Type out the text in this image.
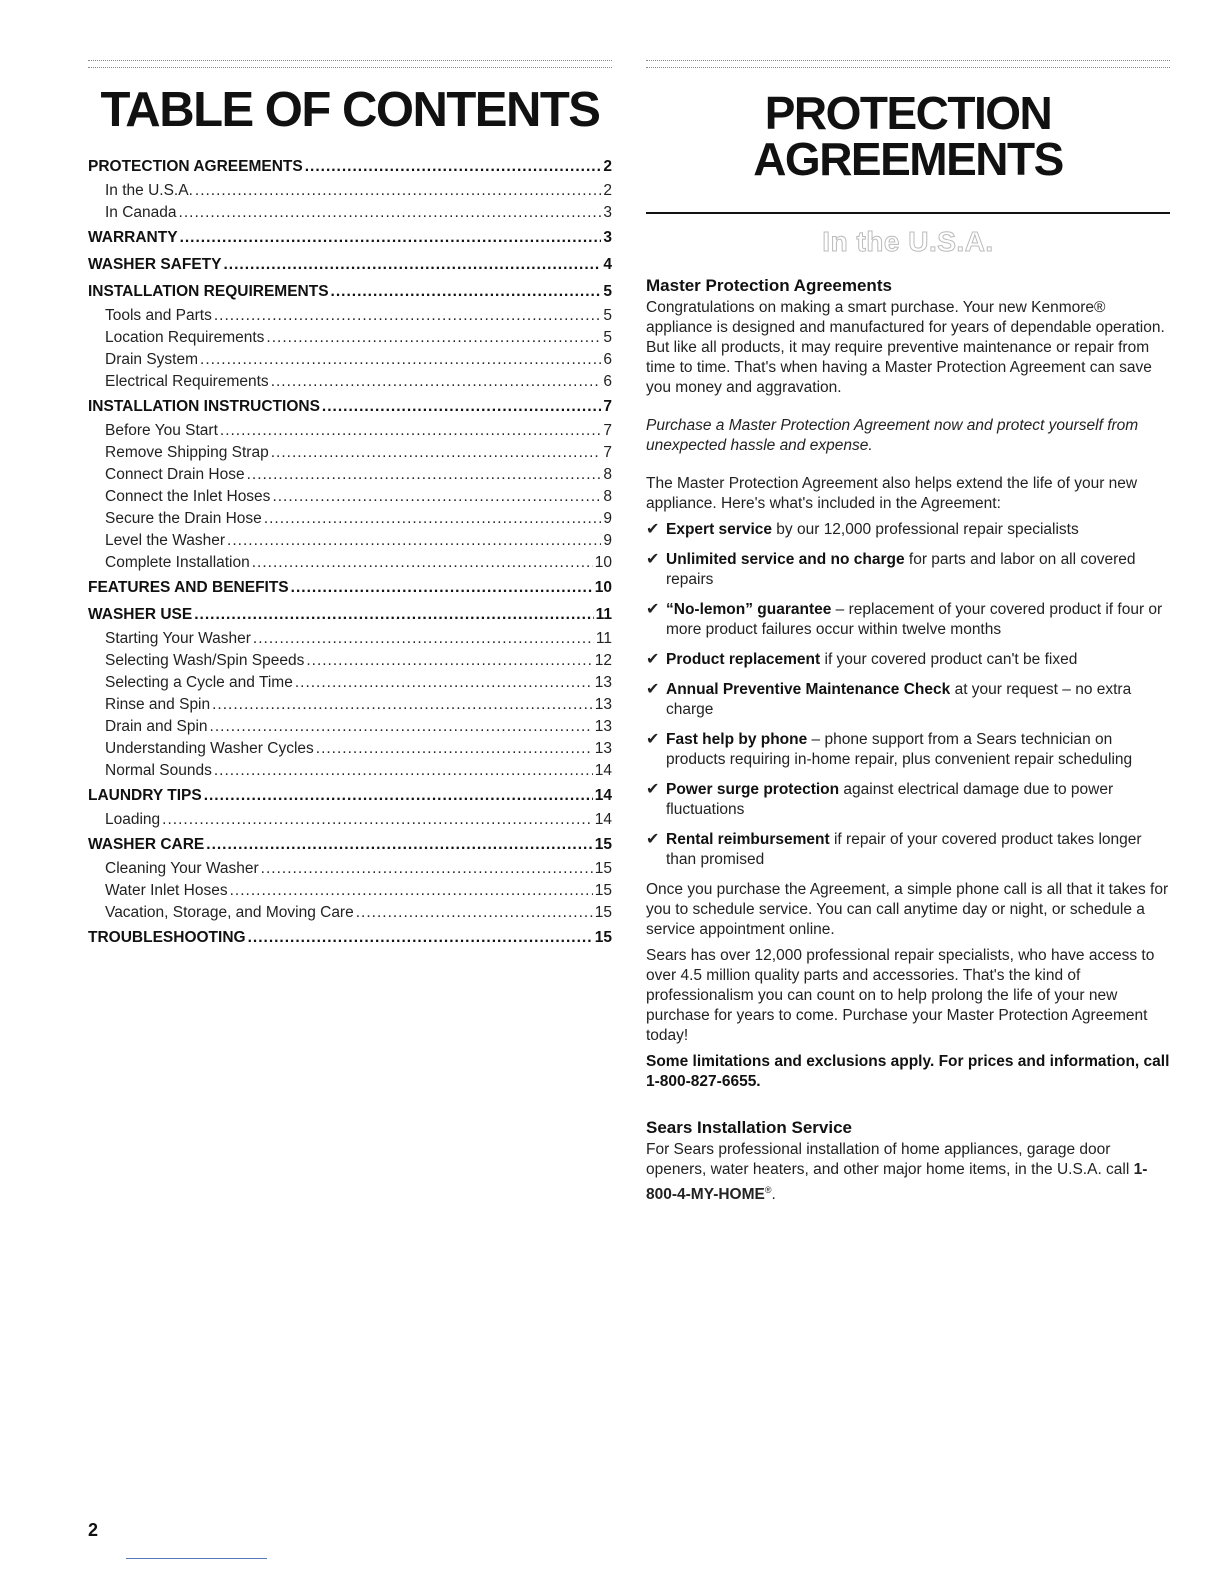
TABLE OF CONTENTS
PROTECTION AGREEMENTS .....	2
In the U.S.A. .....	2
In Canada .....	3
WARRANTY .....	3
WASHER SAFETY .....	4
INSTALLATION REQUIREMENTS .....	5
Tools and Parts .....	5
Location Requirements .....	5
Drain System .....	6
Electrical Requirements .....	6
INSTALLATION INSTRUCTIONS .....	7
Before You Start .....	7
Remove Shipping Strap .....	7
Connect Drain Hose .....	8
Connect the Inlet Hoses .....	8
Secure the Drain Hose .....	9
Level the Washer .....	9
Complete Installation .....	10
FEATURES AND BENEFITS .....	10
WASHER USE .....	11
Starting Your Washer .....	11
Selecting Wash/Spin Speeds .....	12
Selecting a Cycle and Time .....	13
Rinse and Spin .....	13
Drain and Spin .....	13
Understanding Washer Cycles .....	13
Normal Sounds .....	14
LAUNDRY TIPS .....	14
Loading .....	14
WASHER CARE .....	15
Cleaning Your Washer .....	15
Water Inlet Hoses .....	15
Vacation, Storage, and Moving Care .....	15
TROUBLESHOOTING .....	15
PROTECTION
AGREEMENTS
In the U.S.A.
Master Protection Agreements

Congratulations on making a smart purchase. Your new Kenmore® appliance is designed and manufactured for years of dependable operation. But like all products, it may require preventive maintenance or repair from time to time. That's when having a Master Protection Agreement can save you money and aggravation.

Purchase a Master Protection Agreement now and protect yourself from unexpected hassle and expense.

The Master Protection Agreement also helps extend the life of your new appliance. Here's what's included in the Agreement:

✔ Expert service by our 12,000 professional repair specialists
✔ Unlimited service and no charge for parts and labor on all covered repairs
✔ “No-lemon” guarantee – replacement of your covered product if four or more product failures occur within twelve months
✔ Product replacement if your covered product can't be fixed
✔ Annual Preventive Maintenance Check at your request – no extra charge
✔ Fast help by phone – phone support from a Sears technician on products requiring in-home repair, plus convenient repair scheduling
✔ Power surge protection against electrical damage due to power fluctuations
✔ Rental reimbursement if repair of your covered product takes longer than promised

Once you purchase the Agreement, a simple phone call is all that it takes for you to schedule service. You can call anytime day or night, or schedule a service appointment online.

Sears has over 12,000 professional repair specialists, who have access to over 4.5 million quality parts and accessories. That's the kind of professionalism you can count on to help prolong the life of your new purchase for years to come. Purchase your Master Protection Agreement today!

Some limitations and exclusions apply. For prices and information, call 1-800-827-6655.
Sears Installation Service

For Sears professional installation of home appliances, garage door openers, water heaters, and other major home items, in the U.S.A. call 1-800-4-MY-HOME®.

2
